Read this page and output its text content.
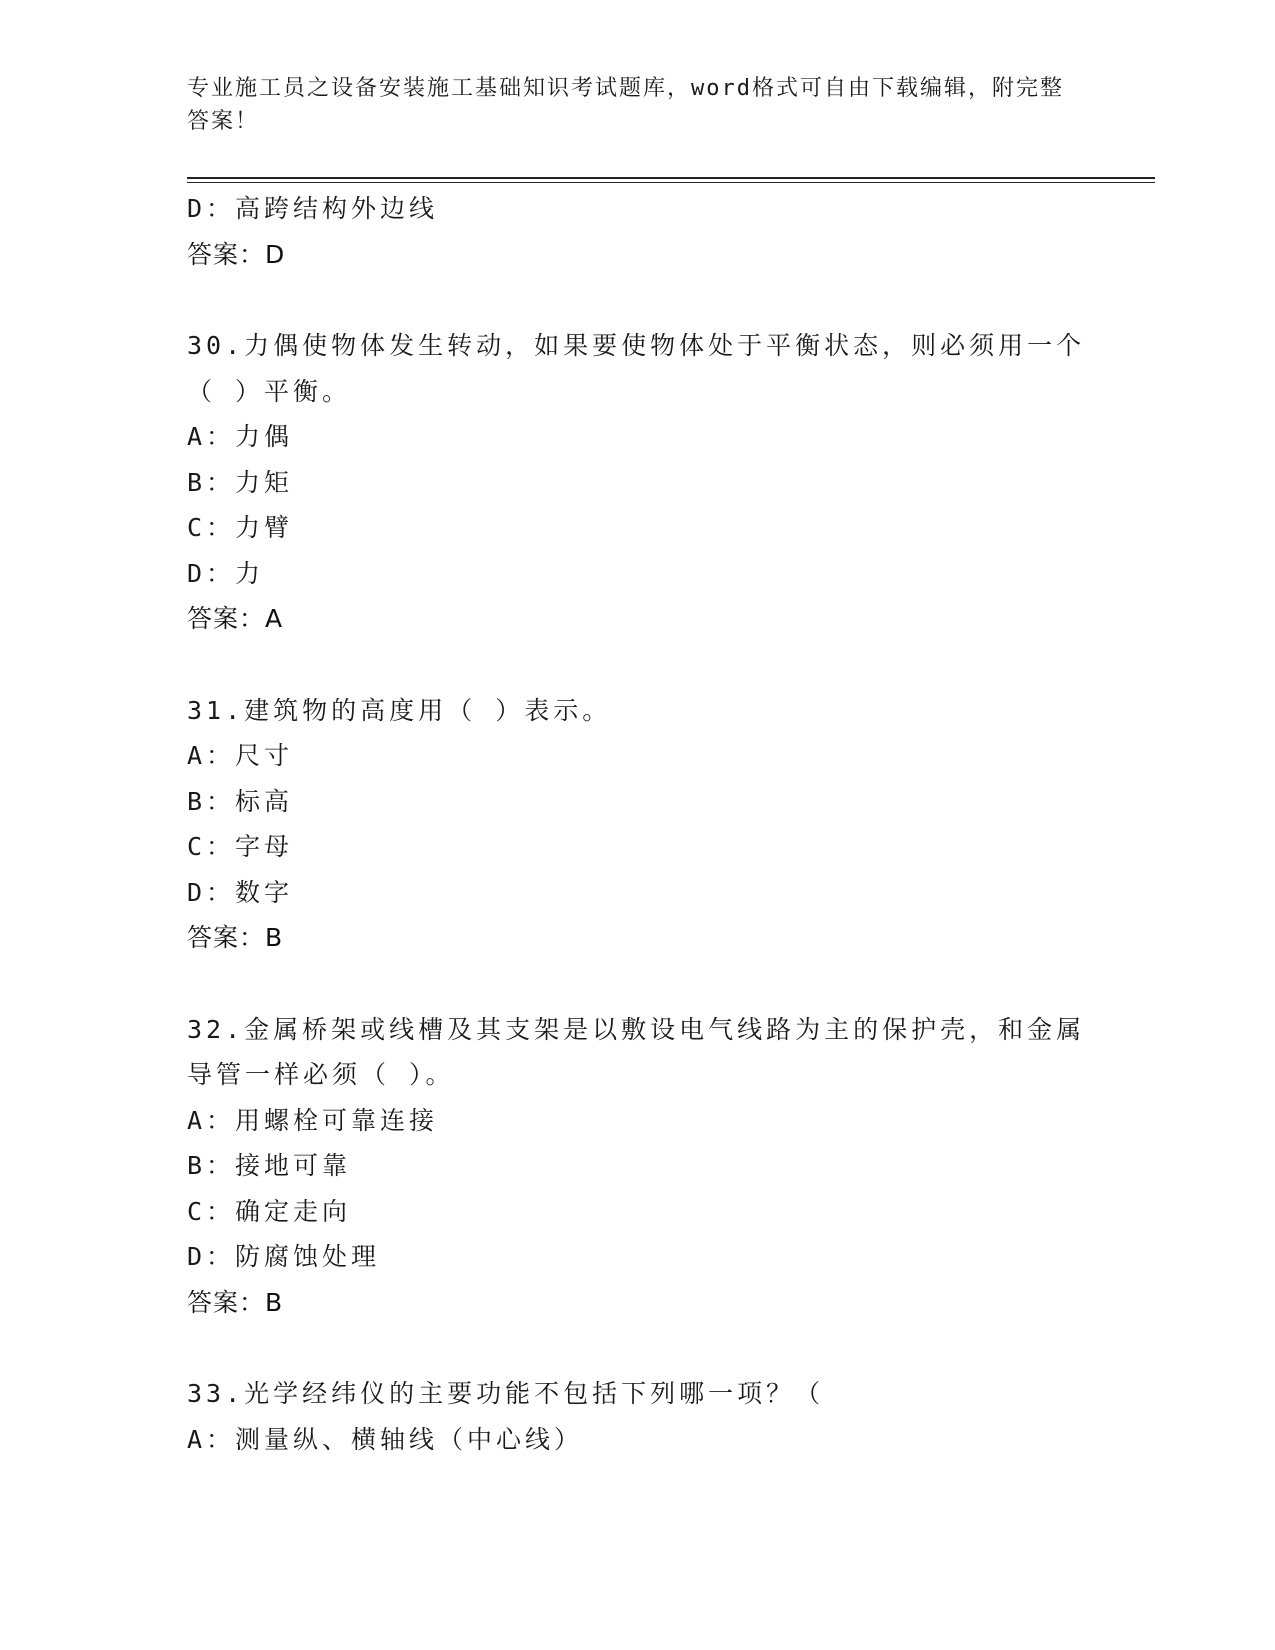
专业施工员之设备安装施工基础知识考试题库，word格式可自由下载编辑，附完整答案！
D：高跨结构外边线
答案：D
30.力偶使物体发生转动，如果要使物体处于平衡状态，则必须用一个
（ ）平衡。
A：力偶
B：力矩
C：力臂
D：力
答案：A
31.建筑物的高度用（ ）表示。
A：尺寸
B：标高
C：字母
D：数字
答案：B
32.金属桥架或线槽及其支架是以敷设电气线路为主的保护壳，和金属
导管一样必须（ ）。
A：用螺栓可靠连接
B：接地可靠
C：确定走向
D：防腐蚀处理
答案：B
33.光学经纬仪的主要功能不包括下列哪一项？（
A：测量纵、横轴线（中心线）
